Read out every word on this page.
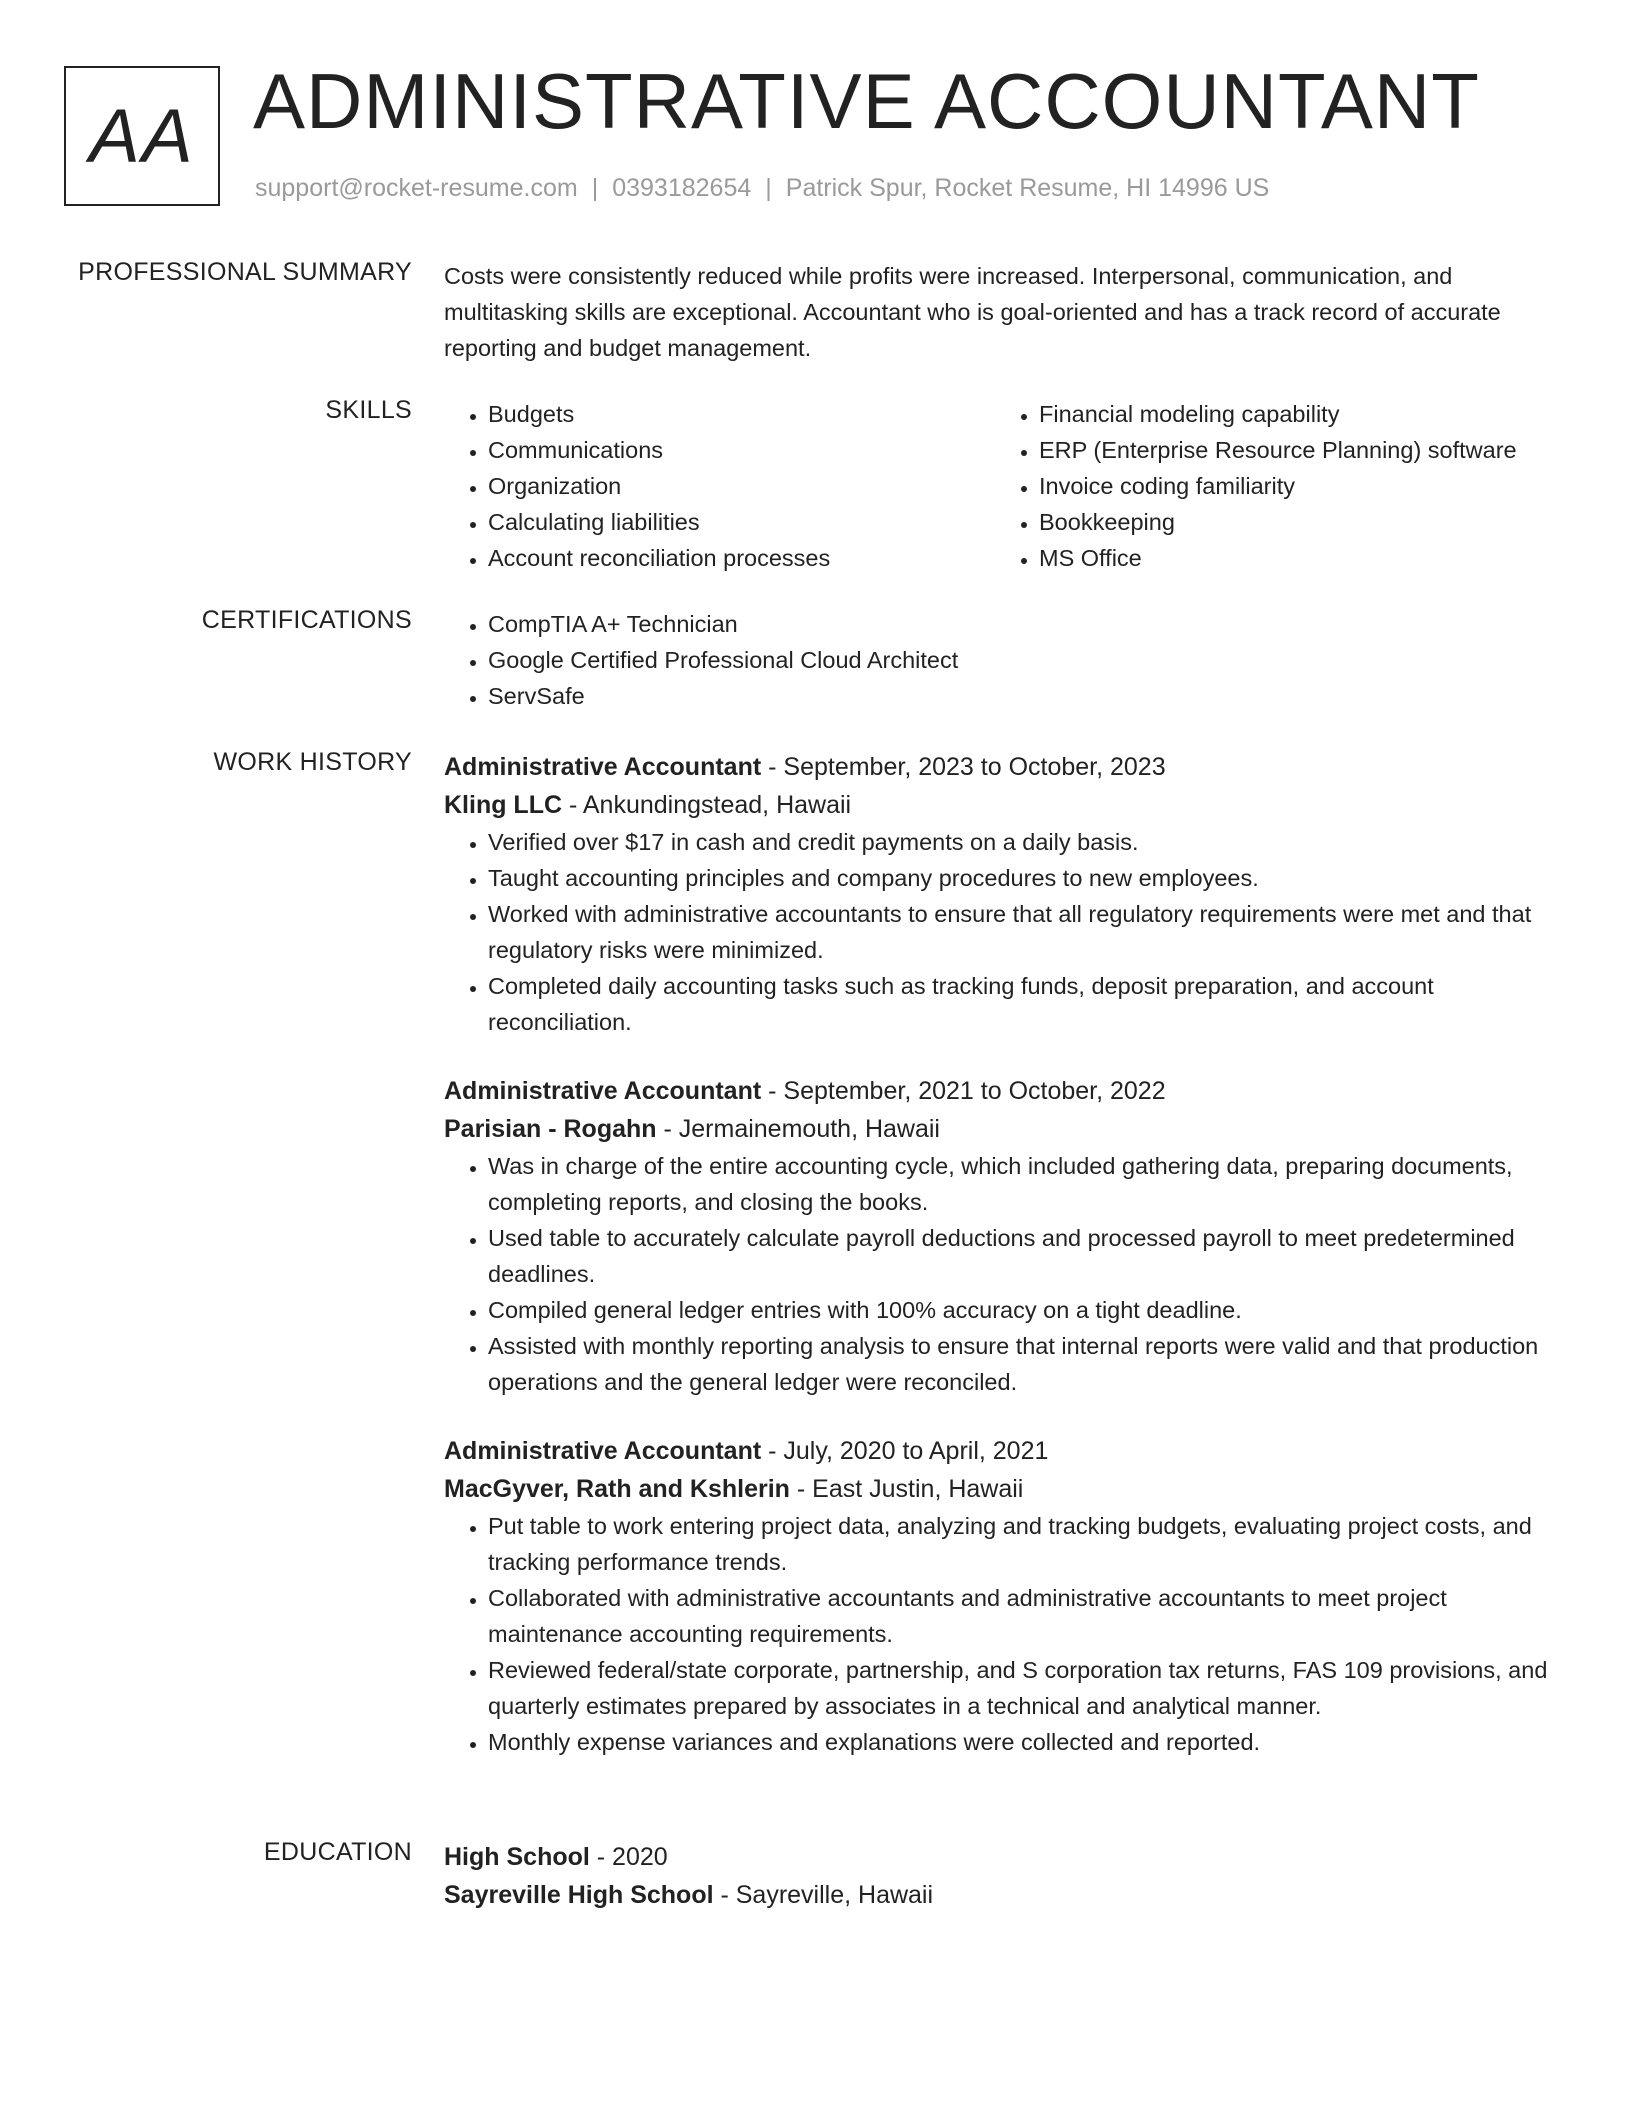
AA ADMINISTRATIVE ACCOUNTANT
support@rocket-resume.com | 0393182654 | Patrick Spur, Rocket Resume, HI 14996 US
PROFESSIONAL SUMMARY Costs were consistently reduced while profits were increased. Interpersonal, communication, and multitasking skills are exceptional. Accountant who is goal-oriented and has a track record of accurate reporting and budget management.

SKILLS	• Budgets
• Communications
• Organization
• Calculating liabilities
• Account reconciliation processes
• Financial modeling capability
• ERP (Enterprise Resource Planning) software
• Invoice coding familiarity
• Bookkeeping
• MS Office
CERTIFICATIONS	• CompTIA A+ Technician
• Google Certified Professional Cloud Architect
• ServSafe
WORK HISTORY Administrative Accountant - September, 2023 to October, 2023
Kling LLC - Ankundingstead, Hawaii
• Verified over $17 in cash and credit payments on a daily basis.
• Taught accounting principles and company procedures to new employees.
• Worked with administrative accountants to ensure that all regulatory requirements were met and that regulatory risks were minimized.
• Completed daily accounting tasks such as tracking funds, deposit preparation, and account reconciliation.
Administrative Accountant - September, 2021 to October, 2022
Parisian - Rogahn - Jermainemouth, Hawaii
• Was in charge of the entire accounting cycle, which included gathering data, preparing documents, completing reports, and closing the books.
• Used table to accurately calculate payroll deductions and processed payroll to meet predetermined deadlines.
• Compiled general ledger entries with 100% accuracy on a tight deadline.
• Assisted with monthly reporting analysis to ensure that internal reports were valid and that production operations and the general ledger were reconciled.
Administrative Accountant - July, 2020 to April, 2021
MacGyver, Rath and Kshlerin - East Justin, Hawaii
• Put table to work entering project data, analyzing and tracking budgets, evaluating project costs, and tracking performance trends.
• Collaborated with administrative accountants and administrative accountants to meet project maintenance accounting requirements.
• Reviewed federal/state corporate, partnership, and S corporation tax returns, FAS 109 provisions, and quarterly estimates prepared by associates in a technical and analytical manner.
• Monthly expense variances and explanations were collected and reported.
EDUCATION High School - 2020
Sayreville High School - Sayreville, Hawaii
